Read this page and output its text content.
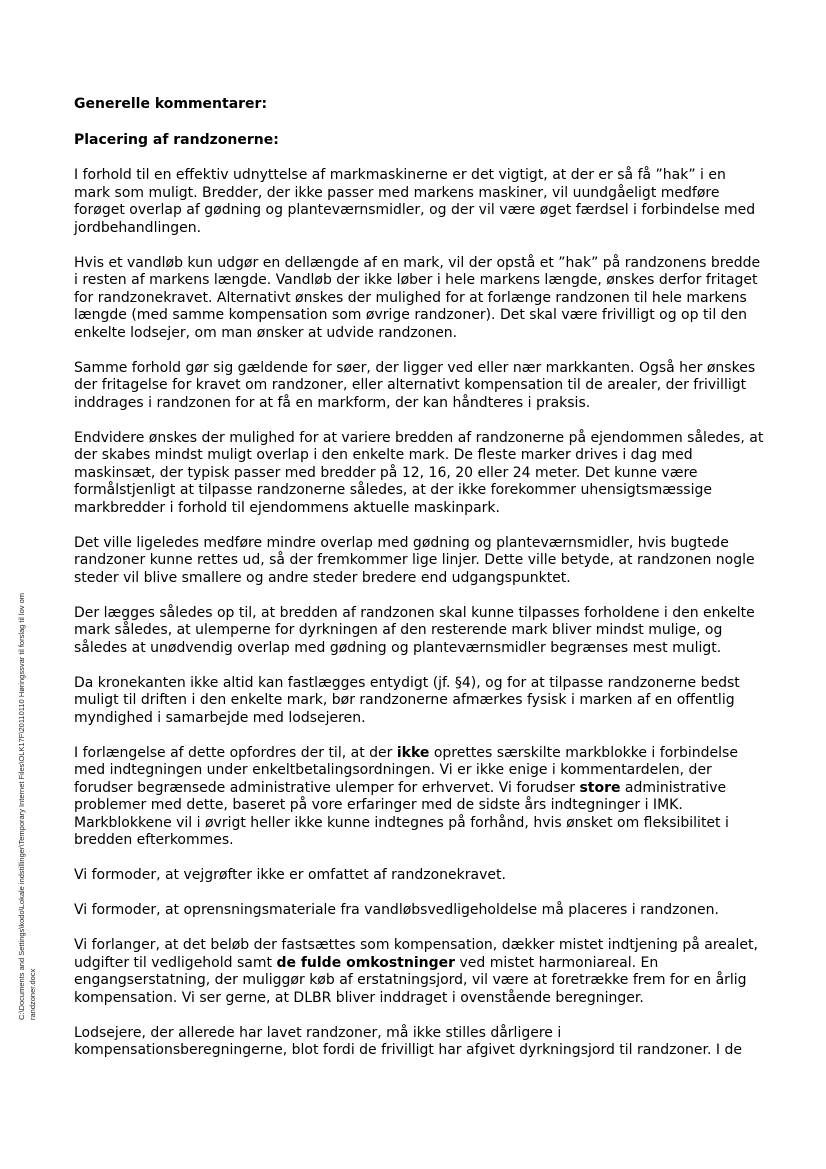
Generelle kommentarer:
Placering af randzonerne:

I forhold til en effektiv udnyttelse af markmaskinerne er det vigtigt, at der er så få ”hak” i en mark som muligt. Bredder, der ikke passer med markens maskiner, vil uundgåeligt medføre forøget overlap af gødning og planteværnsmidler, og der vil være øget færdsel i forbindelse med jordbehandlingen.

Hvis et vandløb kun udgør en dellængde af en mark, vil der opstå et ”hak” på randzonens bredde i resten af markens længde. Vandløb der ikke løber i hele markens længde, ønskes derfor fritaget for randzonekravet. Alternativt ønskes der mulighed for at forlænge randzonen til hele markens længde (med samme kompensation som øvrige randzoner). Det skal være frivilligt og op til den enkelte lodsejer, om man ønsker at udvide randzonen.

Samme forhold gør sig gældende for søer, der ligger ved eller nær markkanten. Også her ønskes der fritagelse for kravet om randzoner, eller alternativt kompensation til de arealer, der frivilligt inddrages i randzonen for at få en markform, der kan håndteres i praksis.

Endvidere ønskes der mulighed for at variere bredden af randzonerne på ejendommen således, at der skabes mindst muligt overlap i den enkelte mark. De fleste marker drives i dag med maskinsæt, der typisk passer med bredder på 12, 16, 20 eller 24 meter. Det kunne være formålstjenligt at tilpasse randzonerne således, at der ikke forekommer uhensigtsmæssige markbredder i forhold til ejendommens aktuelle maskinpark.

Det ville ligeledes medføre mindre overlap med gødning og planteværnsmidler, hvis bugtede randzoner kunne rettes ud, så der fremkommer lige linjer. Dette ville betyde, at randzonen nogle steder vil blive smallere og andre steder bredere end udgangspunktet.

Der lægges således op til, at bredden af randzonen skal kunne tilpasses forholdene i den enkelte mark således, at ulemperne for dyrkningen af den resterende mark bliver mindst mulige, og således at unødvendig overlap med gødning og planteværnsmidler begrænses mest muligt.

Da kronekanten ikke altid kan fastlægges entydigt (jf. §4), og for at tilpasse randzonerne bedst muligt til driften i den enkelte mark, bør randzonerne afmærkes fysisk i marken af en offentlig myndighed i samarbejde med lodsejeren.

I forlængelse af dette opfordres der til, at der ikke oprettes særskilte markblokke i forbindelse med indtegningen under enkeltbetalingsordningen. Vi er ikke enige i kommentardelen, der forudser begrænsede administrative ulemper for erhvervet. Vi forudser store administrative problemer med dette, baseret på vore erfaringer med de sidste års indtegninger i IMK. Markblokkene vil i øvrigt heller ikke kunne indtegnes på forhånd, hvis ønsket om fleksibilitet i bredden efterkommes.

Vi formoder, at vejgrøfter ikke er omfattet af randzonekravet.

Vi formoder, at oprensningsmateriale fra vandløbsvedligeholdelse må placeres i randzonen.

Vi forlanger, at det beløb der fastsættes som kompensation, dækker mistet indtjening på arealet, udgifter til vedligehold samt de fulde omkostninger ved mistet harmoniareal. En engangserstatning, der muliggør køb af erstatningsjord, vil være at foretrække frem for en årlig kompensation. Vi ser gerne, at DLBR bliver inddraget i ovenstående beregninger.

Lodsejere, der allerede har lavet randzoner, må ikke stilles dårligere i kompensationsberegningerne, blot fordi de frivilligt har afgivet dyrkningsjord til randzoner. I de

C:\Documents and Settings\kodo\Lokale indstillinger\Temporary Internet Files\OLK17F\20110110 Høringssvar til forslag til lov om randzoner.docx
